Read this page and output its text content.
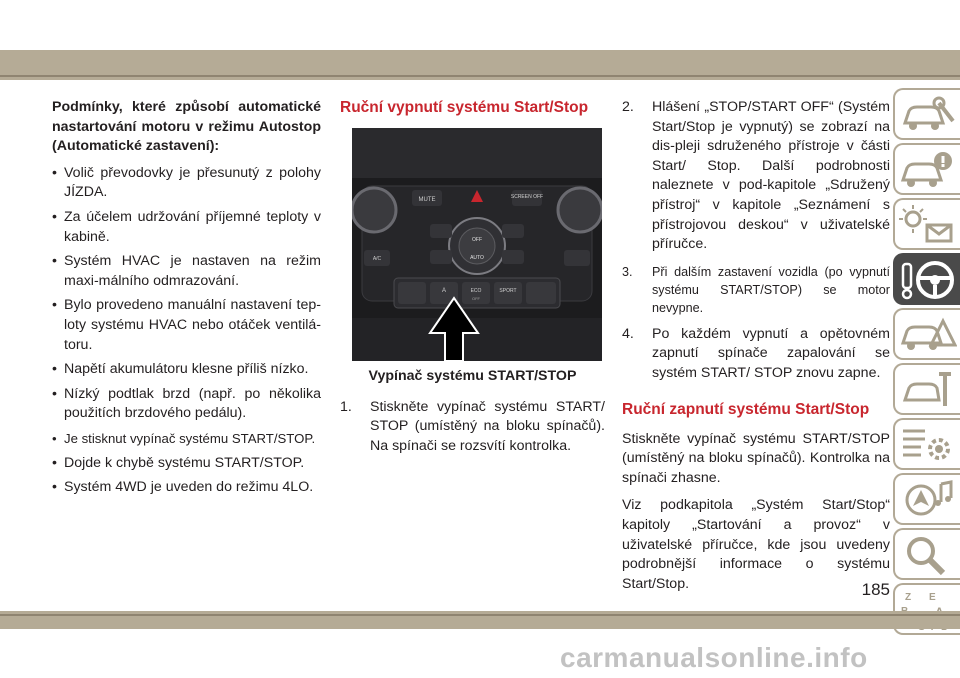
Podmínky, které způsobí automatické nastartování motoru v režimu Autostop (Automatické zastavení):
• Volič převodovky je přesunutý z polohy JÍZDA.
• Za účelem udržování příjemné teploty v kabině.
• Systém HVAC je nastaven na režim maxi-málního odmrazování.
• Bylo provedeno manuální nastavení tep-loty systému HVAC nebo otáček ventilá-toru.
• Napětí akumulátoru klesne příliš nízko.
• Nízký podtlak brzd (např. po několika použitích brzdového pedálu).
• Je stisknut vypínač systému START/STOP.
• Dojde k chybě systému START/STOP.
• Systém 4WD je uveden do režimu 4LO.
Ruční vypnutí systému Start/Stop
MUTE	SCREEN OFF
OFF
AUTO
A/C
A	ECO	SPORT
OFF
Vypínač systému START/STOP
1. Stiskněte vypínač systému START/ STOP (umístěný na bloku spínačů). Na spínači se rozsvítí kontrolka.
2. Hlášení „STOP/START OFF“ (Systém Start/Stop je vypnutý) se zobrazí na dis-pleji sdruženého přístroje v části Start/ Stop. Další podrobnosti naleznete v pod-kapitole „Sdružený přístroj“ v kapitole „Seznámení s přístrojovou deskou“ v uživatelské příručce.
3. Při dalším zastavení vozidla (po vypnutí systému START/STOP) se motor nevypne.
4. Po každém vypnutí a opětovném zapnutí spínače zapalování se systém START/ STOP znovu zapne.
Ruční zapnutí systému Start/Stop

Stiskněte vypínač systému START/STOP (umístěný na bloku spínačů). Kontrolka na spínači zhasne.

Viz podkapitola „Systém Start/Stop“ kapitoly „Startování a provoz“ v uživatelské příručce, kde jsou uvedeny podrobnější informace o systému Start/Stop.

Z E
185
carmanualsonline.info
